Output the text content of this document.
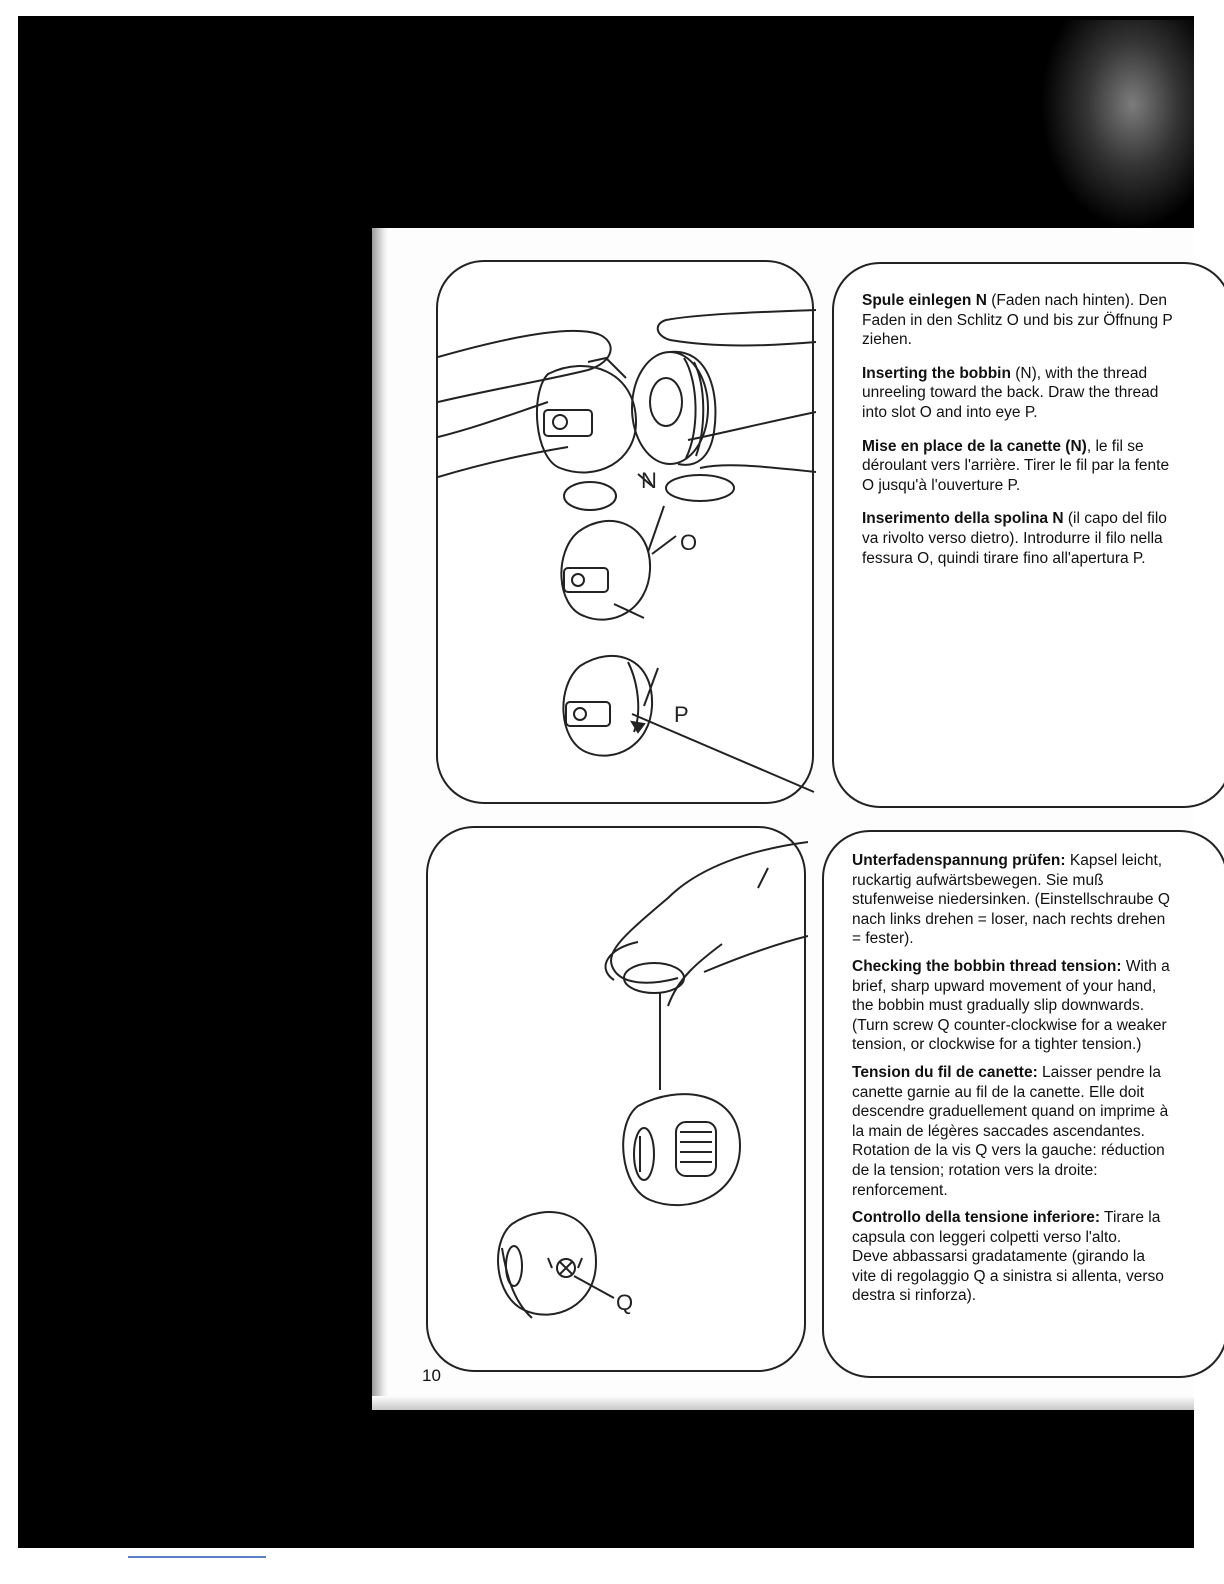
N
O
P

Spule einlegen N (Faden nach hinten). Den Faden in den Schlitz O und bis zur Öffnung P ziehen.

Inserting the bobbin (N), with the thread unreeling toward the back. Draw the thread into slot O and into eye P.

Mise en place de la canette (N), le fil se déroulant vers l'arrière. Tirer le fil par la fente O jusqu'à l'ouverture P.

Inserimento della spolina N (il capo del filo va rivolto verso dietro). Introdurre il filo nella fessura O, quindi tirare fino all'apertura P.

Q

Unterfadenspannung prüfen: Kapsel leicht, ruckartig aufwärtsbewegen. Sie muß stufenweise niedersinken. (Einstellschraube Q nach links drehen = loser, nach rechts drehen = fester).

Checking the bobbin thread tension: With a brief, sharp upward movement of your hand, the bobbin must gradually slip downwards. (Turn screw Q counter-clockwise for a weaker tension, or clockwise for a tighter tension.)

Tension du fil de canette: Laisser pendre la canette garnie au fil de la canette. Elle doit descendre graduellement quand on imprime à la main de légères saccades ascendantes. Rotation de la vis Q vers la gauche: réduction de la tension; rotation vers la droite: renforcement.

Controllo della tensione inferiore: Tirare la capsula con leggeri colpetti verso l'alto.
Deve abbassarsi gradatamente (girando la vite di regolaggio Q a sinistra si allenta, verso destra si rinforza).

10
